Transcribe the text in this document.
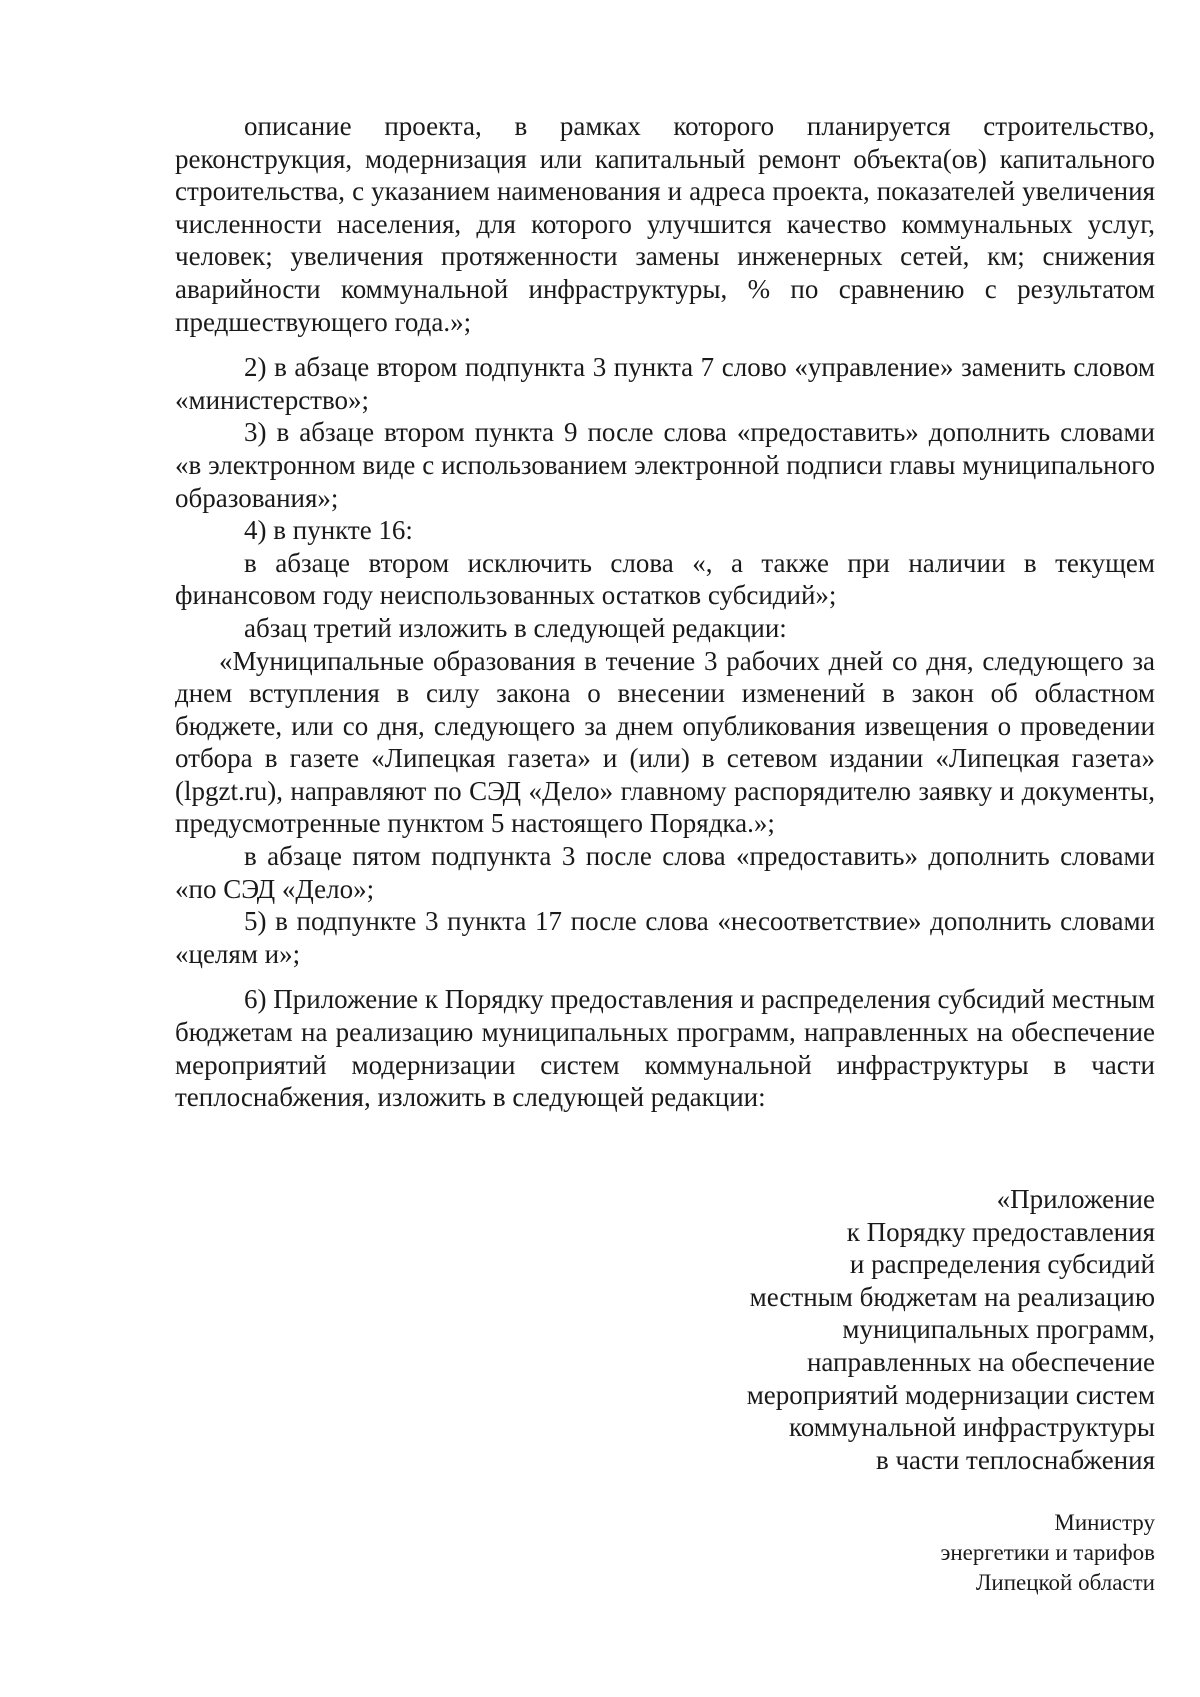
описание проекта, в рамках которого планируется строительство, реконструкция, модернизация или капитальный ремонт объекта(ов) капитального строительства, с указанием наименования и адреса проекта, показателей увеличения численности населения, для которого улучшится качество коммунальных услуг, человек; увеличения протяженности замены инженерных сетей, км; снижения аварийности коммунальной инфраструктуры, % по сравнению с результатом предшествующего года.»;

2) в абзаце втором подпункта 3 пункта 7 слово «управление» заменить словом «министерство»;

3) в абзаце втором пункта 9 после слова «предоставить» дополнить словами «в электронном виде с использованием электронной подписи главы муниципального образования»;

4) в пункте 16:

в абзаце втором исключить слова «, а также при наличии в текущем финансовом году неиспользованных остатков субсидий»;

абзац третий изложить в следующей редакции:

«Муниципальные образования в течение 3 рабочих дней со дня, следующего за днем вступления в силу закона о внесении изменений в закон об областном бюджете, или со дня, следующего за днем опубликования извещения о проведении отбора в газете «Липецкая газета» и (или) в сетевом издании «Липецкая газета» (lpgzt.ru), направляют по СЭД «Дело» главному распорядителю заявку и документы, предусмотренные пунктом 5 настоящего Порядка.»;

в абзаце пятом подпункта 3 после слова «предоставить» дополнить словами «по СЭД «Дело»;

5) в подпункте 3 пункта 17 после слова «несоответствие» дополнить словами «целям и»;

6) Приложение к Порядку предоставления и распределения субсидий местным бюджетам на реализацию муниципальных программ, направленных на обеспечение мероприятий модернизации систем коммунальной инфраструктуры в части теплоснабжения, изложить в следующей редакции:

«Приложение
к Порядку предоставления
и распределения субсидий
местным бюджетам на реализацию
муниципальных программ,
направленных на обеспечение
мероприятий модернизации систем
коммунальной инфраструктуры
в части теплоснабжения
Министру
энергетики и тарифов
Липецкой области
